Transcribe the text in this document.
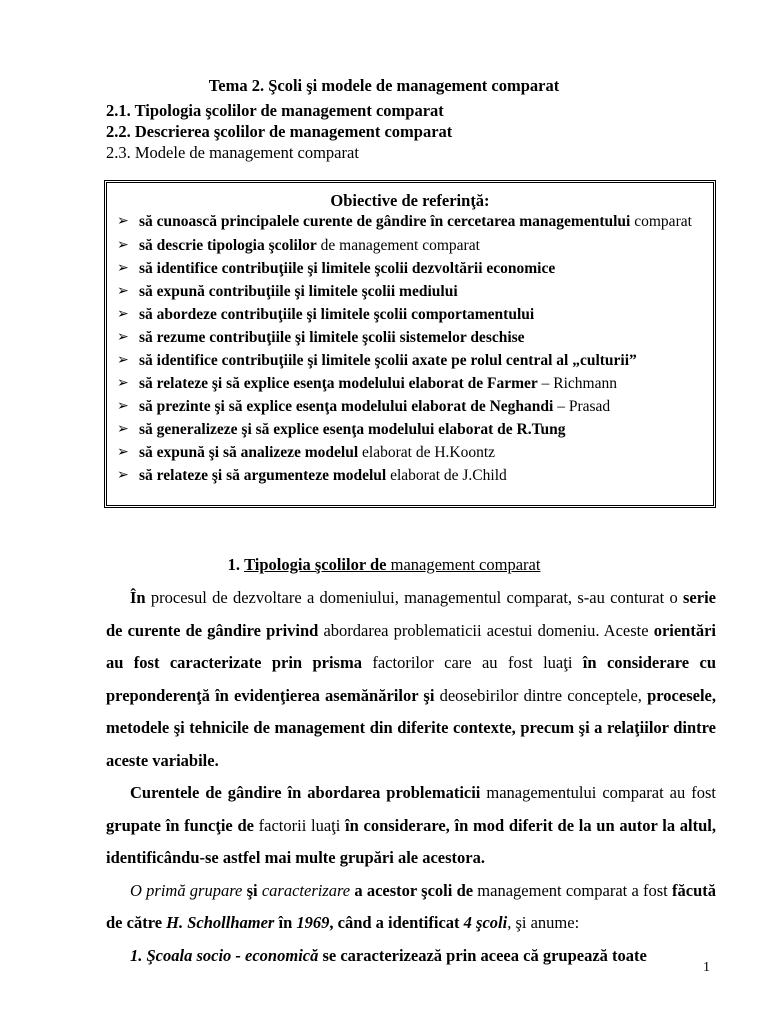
Tema 2. Şcoli şi modele de management comparat
2.1. Tipologia şcolilor de management comparat
2.2. Descrierea şcolilor de management comparat
2.3. Modele de management comparat
Obiective de referinţă:
➢ să cunoască principalele curente de gândire în cercetarea managementului comparat
➢ să descrie tipologia şcolilor de management comparat
➢ să identifice contribuţiile şi limitele şcolii dezvoltării economice
➢ să expună contribuţiile şi limitele şcolii mediului
➢ să abordeze contribuţiile şi limitele şcolii comportamentului
➢ să rezume contribuţiile şi limitele şcolii sistemelor deschise
➢ să identifice contribuţiile şi limitele şcolii axate pe rolul central al „culturii”
➢ să relateze şi să explice esenţa modelului elaborat de Farmer – Richmann
➢ să prezinte şi să explice esenţa modelului elaborat de Neghandi – Prasad
➢ să generalizeze şi să explice esenţa modelului elaborat de R.Tung
➢ să expună şi să analizeze modelul elaborat de H.Koontz
➢ să relateze şi să argumenteze modelul elaborat de J.Child
1. Tipologia şcolilor de management comparat

În procesul de dezvoltare a domeniului, managementul comparat, s-au conturat o serie de curente de gândire privind abordarea problematicii acestui domeniu. Aceste orientări au fost caracterizate prin prisma factorilor care au fost luaţi în considerare cu preponderenţă în evidenţierea asemănărilor şi deosebirilor dintre conceptele, procesele, metodele şi tehnicile de management din diferite contexte, precum şi a relaţiilor dintre aceste variabile.

Curentele de gândire în abordarea problematicii managementului comparat au fost grupate în funcţie de factorii luaţi în considerare, în mod diferit de la un autor la altul, identificându-se astfel mai multe grupări ale acestora.

O primă grupare şi caracterizare a acestor şcoli de management comparat a fost făcută de către H. Schollhamer în 1969, când a identificat 4 şcoli, şi anume:

1. Şcoala socio - economică se caracterizează prin aceea că grupează toate

1
